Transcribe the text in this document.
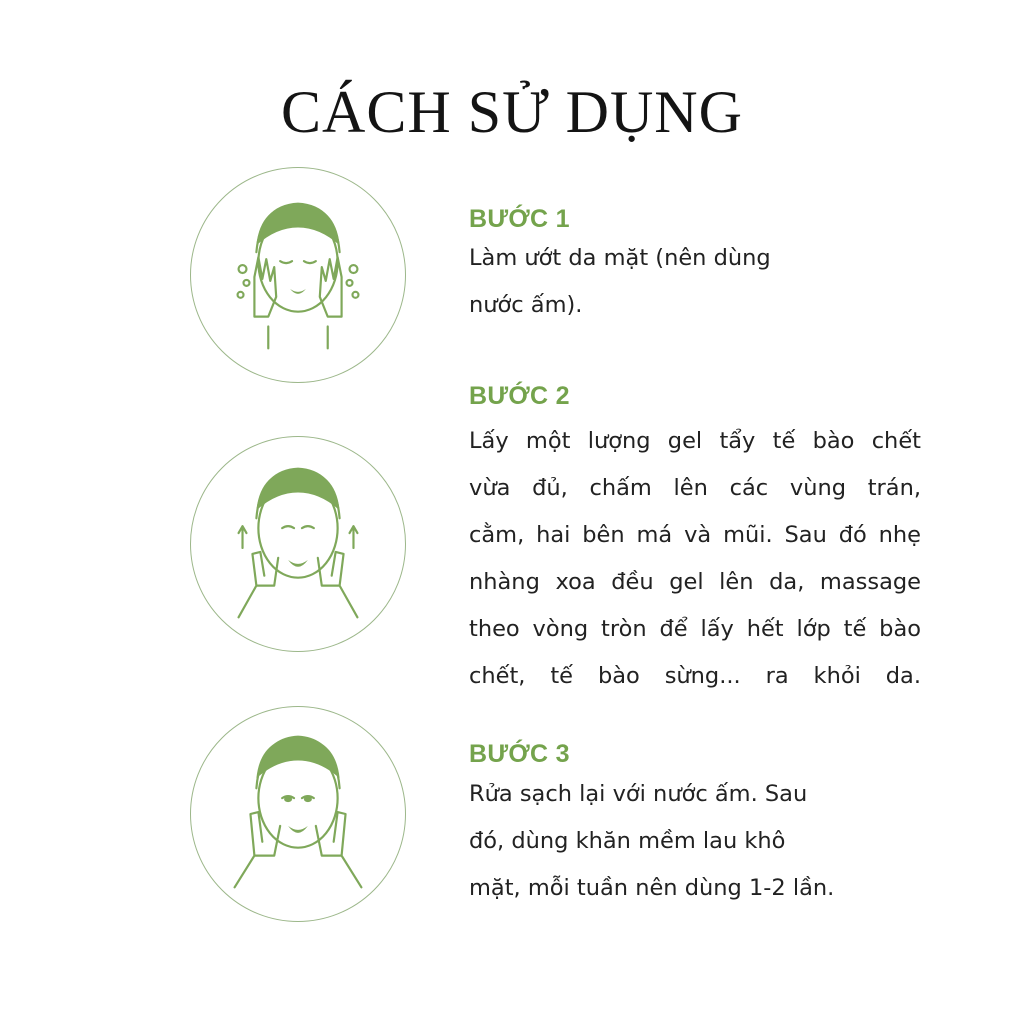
CÁCH SỬ DỤNG
BƯỚC 1
Làm ướt da mặt (nên dùng
nước ấm).
BƯỚC 2
Lấy một lượng gel tẩy tế bào chết
vừa đủ, chấm lên các vùng trán,
cằm, hai bên má và mũi. Sau đó nhẹ
nhàng xoa đều gel lên da, massage
theo vòng tròn để lấy hết lớp tế bào
chết, tế bào sừng... ra khỏi da.
BƯỚC 3
Rửa sạch lại với nước ấm. Sau
đó, dùng khăn mềm lau khô
mặt, mỗi tuần nên dùng 1-2 lần.
